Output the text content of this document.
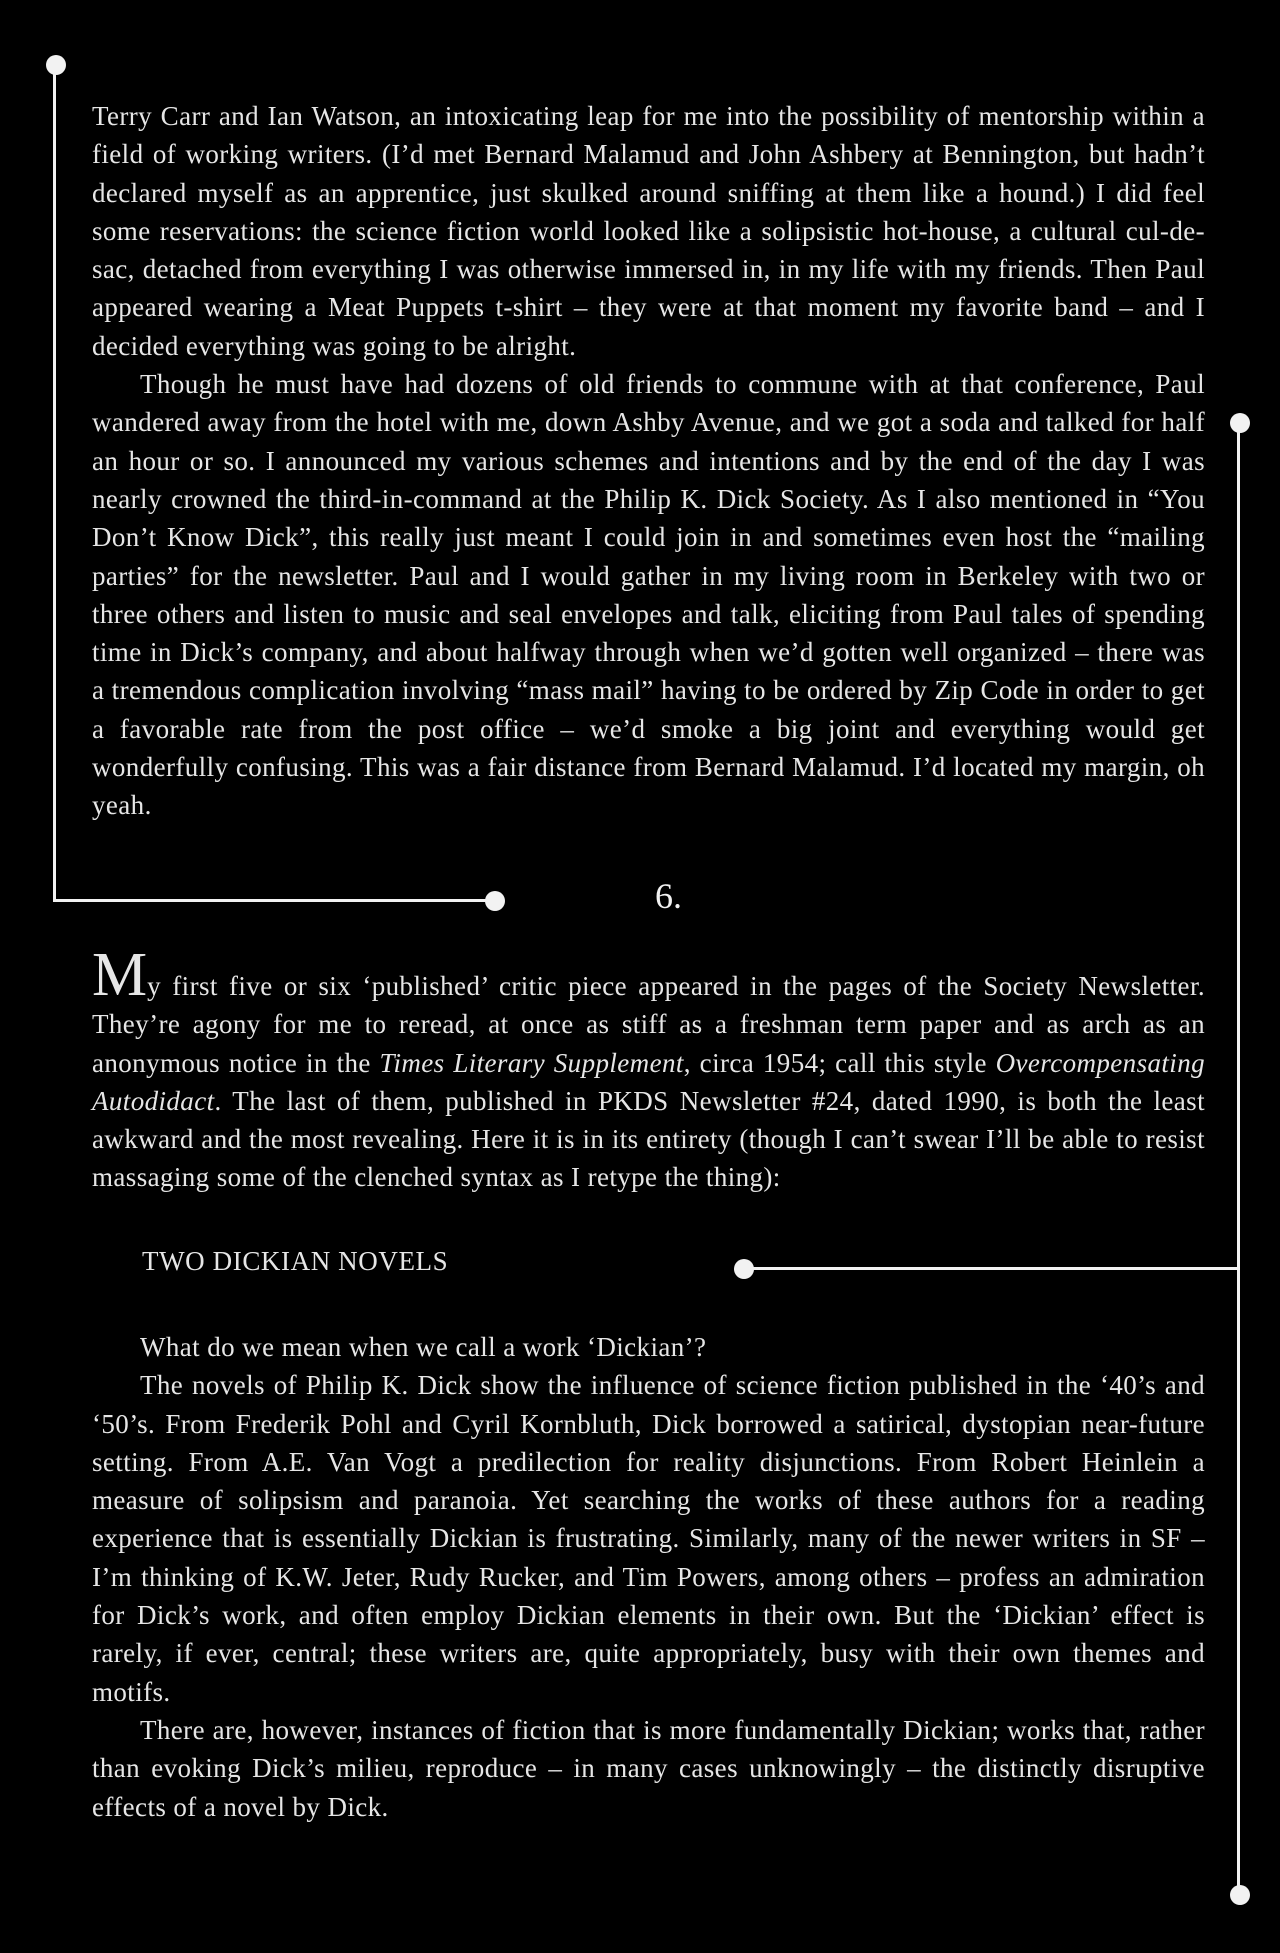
Terry Carr and Ian Watson, an intoxicating leap for me into the possibility of mentorship within a field of working writers. (I’d met Bernard Malamud and John Ashbery at Bennington, but hadn’t declared myself as an apprentice, just skulked around sniffing at them like a hound.) I did feel some reservations: the science fiction world looked like a solipsistic hot-house, a cultural cul-de-sac, detached from everything I was otherwise immersed in, in my life with my friends. Then Paul appeared wearing a Meat Puppets t-shirt – they were at that moment my favorite band – and I decided everything was going to be alright.

Though he must have had dozens of old friends to commune with at that conference, Paul wandered away from the hotel with me, down Ashby Avenue, and we got a soda and talked for half an hour or so. I announced my various schemes and intentions and by the end of the day I was nearly crowned the third-in-command at the Philip K. Dick Society. As I also mentioned in “You Don’t Know Dick”, this really just meant I could join in and sometimes even host the “mailing parties” for the newsletter. Paul and I would gather in my living room in Berkeley with two or three others and listen to music and seal envelopes and talk, eliciting from Paul tales of spending time in Dick’s company, and about halfway through when we’d gotten well organized – there was a tremendous complication involving “mass mail” having to be ordered by Zip Code in order to get a favorable rate from the post office – we’d smoke a big joint and everything would get wonderfully confusing. This was a fair distance from Bernard Malamud. I’d located my margin, oh yeah.

6.

My first five or six ‘published’ critic piece appeared in the pages of the Society Newsletter. They’re agony for me to reread, at once as stiff as a freshman term paper and as arch as an anonymous notice in the Times Literary Supplement, circa 1954; call this style Overcompensating Autodidact. The last of them, published in PKDS Newsletter #24, dated 1990, is both the least awkward and the most revealing. Here it is in its entirety (though I can’t swear I’ll be able to resist massaging some of the clenched syntax as I retype the thing):

TWO DICKIAN NOVELS

What do we mean when we call a work ‘Dickian’?

The novels of Philip K. Dick show the influence of science fiction published in the ‘40’s and ‘50’s. From Frederik Pohl and Cyril Kornbluth, Dick borrowed a satirical, dystopian near-future setting. From A.E. Van Vogt a predilection for reality disjunctions. From Robert Heinlein a measure of solipsism and paranoia. Yet searching the works of these authors for a reading experience that is essentially Dickian is frustrating. Similarly, many of the newer writers in SF – I’m thinking of K.W. Jeter, Rudy Rucker, and Tim Powers, among others – profess an admiration for Dick’s work, and often employ Dickian elements in their own. But the ‘Dickian’ effect is rarely, if ever, central; these writers are, quite appropriately, busy with their own themes and motifs.

There are, however, instances of fiction that is more fundamentally Dickian; works that, rather than evoking Dick’s milieu, reproduce – in many cases unknowingly – the distinctly disruptive effects of a novel by Dick.
